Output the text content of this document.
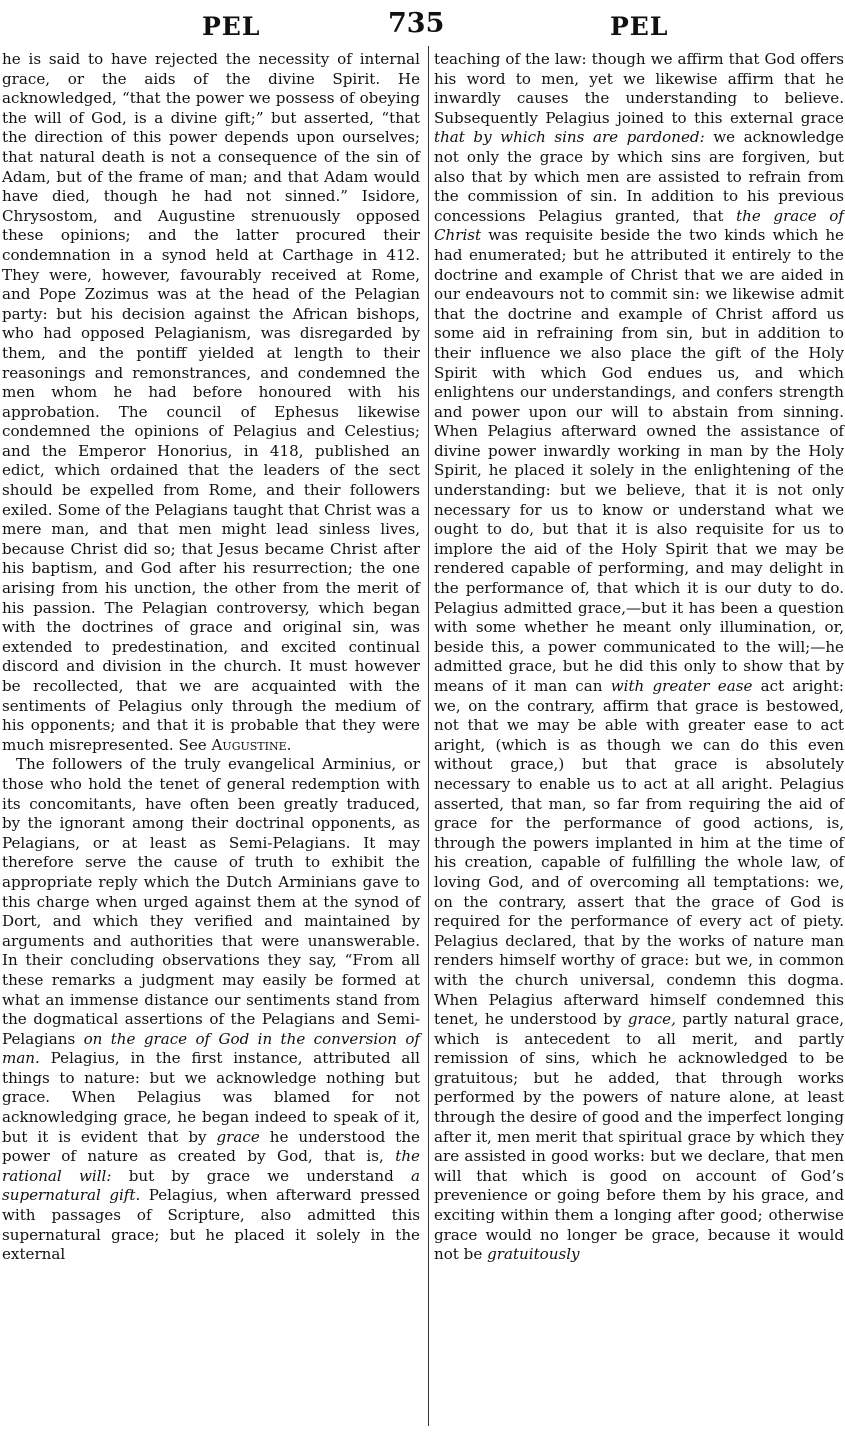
PEL	735	PEL

he is said to have rejected the necessity of internal grace, or the aids of the divine Spirit. He acknowledged, “that the power we possess of obeying the will of God, is a divine gift;” but asserted, “that the direction of this power depends upon ourselves; that natural death is not a consequence of the sin of Adam, but of the frame of man; and that Adam would have died, though he had not sinned.” Isidore, Chrysostom, and Augustine strenuously opposed these opinions; and the latter procured their condemnation in a synod held at Carthage in 412. They were, however, favourably received at Rome, and Pope Zozimus was at the head of the Pelagian party: but his decision against the African bishops, who had opposed Pelagianism, was disregarded by them, and the pontiff yielded at length to their reasonings and remonstrances, and condemned the men whom he had before honoured with his approbation. The council of Ephesus likewise condemned the opinions of Pelagius and Celestius; and the Emperor Honorius, in 418, published an edict, which ordained that the leaders of the sect should be expelled from Rome, and their followers exiled. Some of the Pelagians taught that Christ was a mere man, and that men might lead sinless lives, because Christ did so; that Jesus became Christ after his baptism, and God after his resurrection; the one arising from his unction, the other from the merit of his passion. The Pelagian controversy, which began with the doctrines of grace and original sin, was extended to predestination, and excited continual discord and division in the church. It must however be recollected, that we are acquainted with the sentiments of Pelagius only through the medium of his opponents; and that it is probable that they were much misrepresented. See Augustine.

The followers of the truly evangelical Arminius, or those who hold the tenet of general redemption with its concomitants, have often been greatly traduced, by the ignorant among their doctrinal opponents, as Pelagians, or at least as Semi-Pelagians. It may therefore serve the cause of truth to exhibit the appropriate reply which the Dutch Arminians gave to this charge when urged against them at the synod of Dort, and which they verified and maintained by arguments and authorities that were unanswerable. In their concluding observations they say, “From all these remarks a judgment may easily be formed at what an immense distance our sentiments stand from the dogmatical assertions of the Pelagians and Semi-Pelagians on the grace of God in the conversion of man. Pelagius, in the first instance, attributed all things to nature: but we acknowledge nothing but grace. When Pelagius was blamed for not acknowledging grace, he began indeed to speak of it, but it is evident that by grace he understood the power of nature as created by God, that is, the rational will: but by grace we understand a supernatural gift. Pelagius, when afterward pressed with passages of Scripture, also admitted this supernatural grace; but he placed it solely in the external

teaching of the law: though we affirm that God offers his word to men, yet we likewise affirm that he inwardly causes the understanding to believe. Subsequently Pelagius joined to this external grace that by which sins are pardoned: we acknowledge not only the grace by which sins are forgiven, but also that by which men are assisted to refrain from the commission of sin. In addition to his previous concessions Pelagius granted, that the grace of Christ was requisite beside the two kinds which he had enumerated; but he attributed it entirely to the doctrine and example of Christ that we are aided in our endeavours not to commit sin: we likewise admit that the doctrine and example of Christ afford us some aid in refraining from sin, but in addition to their influence we also place the gift of the Holy Spirit with which God endues us, and which enlightens our understandings, and confers strength and power upon our will to abstain from sinning. When Pelagius afterward owned the assistance of divine power inwardly working in man by the Holy Spirit, he placed it solely in the enlightening of the understanding: but we believe, that it is not only necessary for us to know or understand what we ought to do, but that it is also requisite for us to implore the aid of the Holy Spirit that we may be rendered capable of performing, and may delight in the performance of, that which it is our duty to do. Pelagius admitted grace,—but it has been a question with some whether he meant only illumination, or, beside this, a power communicated to the will;—he admitted grace, but he did this only to show that by means of it man can with greater ease act aright: we, on the contrary, affirm that grace is bestowed, not that we may be able with greater ease to act aright, (which is as though we can do this even without grace,) but that grace is absolutely necessary to enable us to act at all aright. Pelagius asserted, that man, so far from requiring the aid of grace for the performance of good actions, is, through the powers implanted in him at the time of his creation, capable of fulfilling the whole law, of loving God, and of overcoming all temptations: we, on the contrary, assert that the grace of God is required for the performance of every act of piety. Pelagius declared, that by the works of nature man renders himself worthy of grace: but we, in common with the church universal, condemn this dogma. When Pelagius afterward himself condemned this tenet, he understood by grace, partly natural grace, which is antecedent to all merit, and partly remission of sins, which he acknowledged to be gratuitous; but he added, that through works performed by the powers of nature alone, at least through the desire of good and the imperfect longing after it, men merit that spiritual grace by which they are assisted in good works: but we declare, that men will that which is good on account of God’s prevenience or going before them by his grace, and exciting within them a longing after good; otherwise grace would no longer be grace, because it would not be gratuitously
